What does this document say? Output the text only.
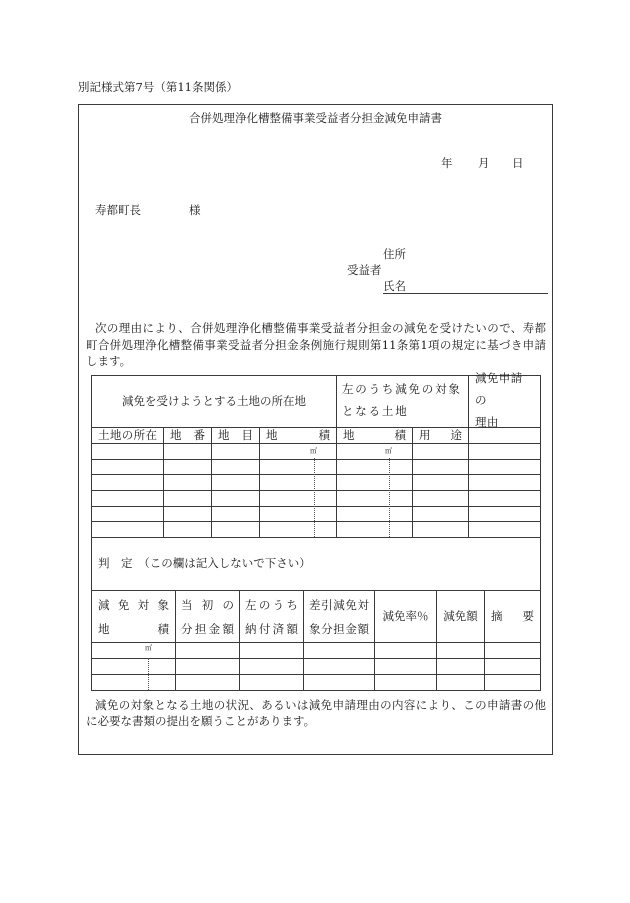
別記様式第7号（第11条関係）
合併処理浄化槽整備事業受益者分担金減免申請書
年 月 日
寿都町長	様
住所
受益者
氏名
次の理由により、合併処理浄化槽整備事業受益者分担金の減免を受けたいので、寿都
町合併処理浄化槽整備事業受益者分担金条例施行規則第11条第1項の規定に基づき申請
します。
減免を受けようとする土地の所在地
左のうち減免の対象
となる土地
減免申請の
理由
土地の所在 地番 地目 地積 地積 用途
判　定　（この欄は記入しないで下さい）
減免対象
地積
当初の
分担金額
左のうち
納付済額
差引減免対
象分担金額
減免率％ 減免額 摘要
㎡	㎡
㎡
減免の対象となる土地の状況、あるいは減免申請理由の内容により、この申請書の他
に必要な書類の提出を願うことがあります。
